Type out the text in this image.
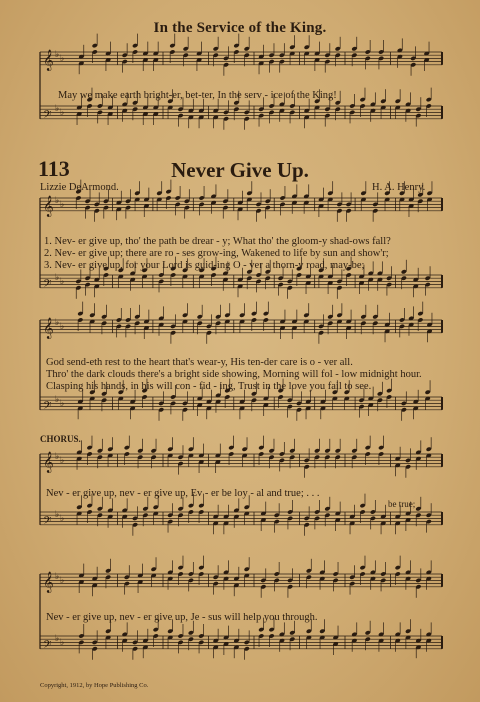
𝄞 ♭ ♭
𝄢
♭ ♭
𝄞 ♭ ♭
𝄢
♭ ♭
𝄞 ♭ ♭
𝄢
♭ ♭
𝄞 ♭ ♭
𝄢
♭ ♭
𝄞 ♭ ♭
𝄢
♭ ♭
In the Service of the King.
May we make earth bright-er, bet-ter, In the serv - ice of the King!
113	Never Give Up.
Lizzie DeArmond.	H. A. Henry.
1. Nev- er give up, tho' the path be drear - y; What tho' the gloom-y shad-ows fall?
2. Nev- er give up; there are ro - ses grow-ing, Wakened to life by sun and show'r;
3. Nev- er give up, for your Lord is guid-ing O - ver a thorn-y road, may-be;
God send-eth rest to the heart that's wear-y, His ten-der care is o - ver all.
Thro' the dark clouds there's a bright side showing, Morning will fol - low midnight hour.
Clasping his hands, in his will con - fid - ing, Trust in the love you fail to see.
CHORUS.
Nev - er give up, nev - er give up, Ev - er be loy - al and true; . . .
be true;
Nev - er give up, nev - er give up, Je - sus will help you through.
Copyright, 1912, by Hope Publishing Co.
